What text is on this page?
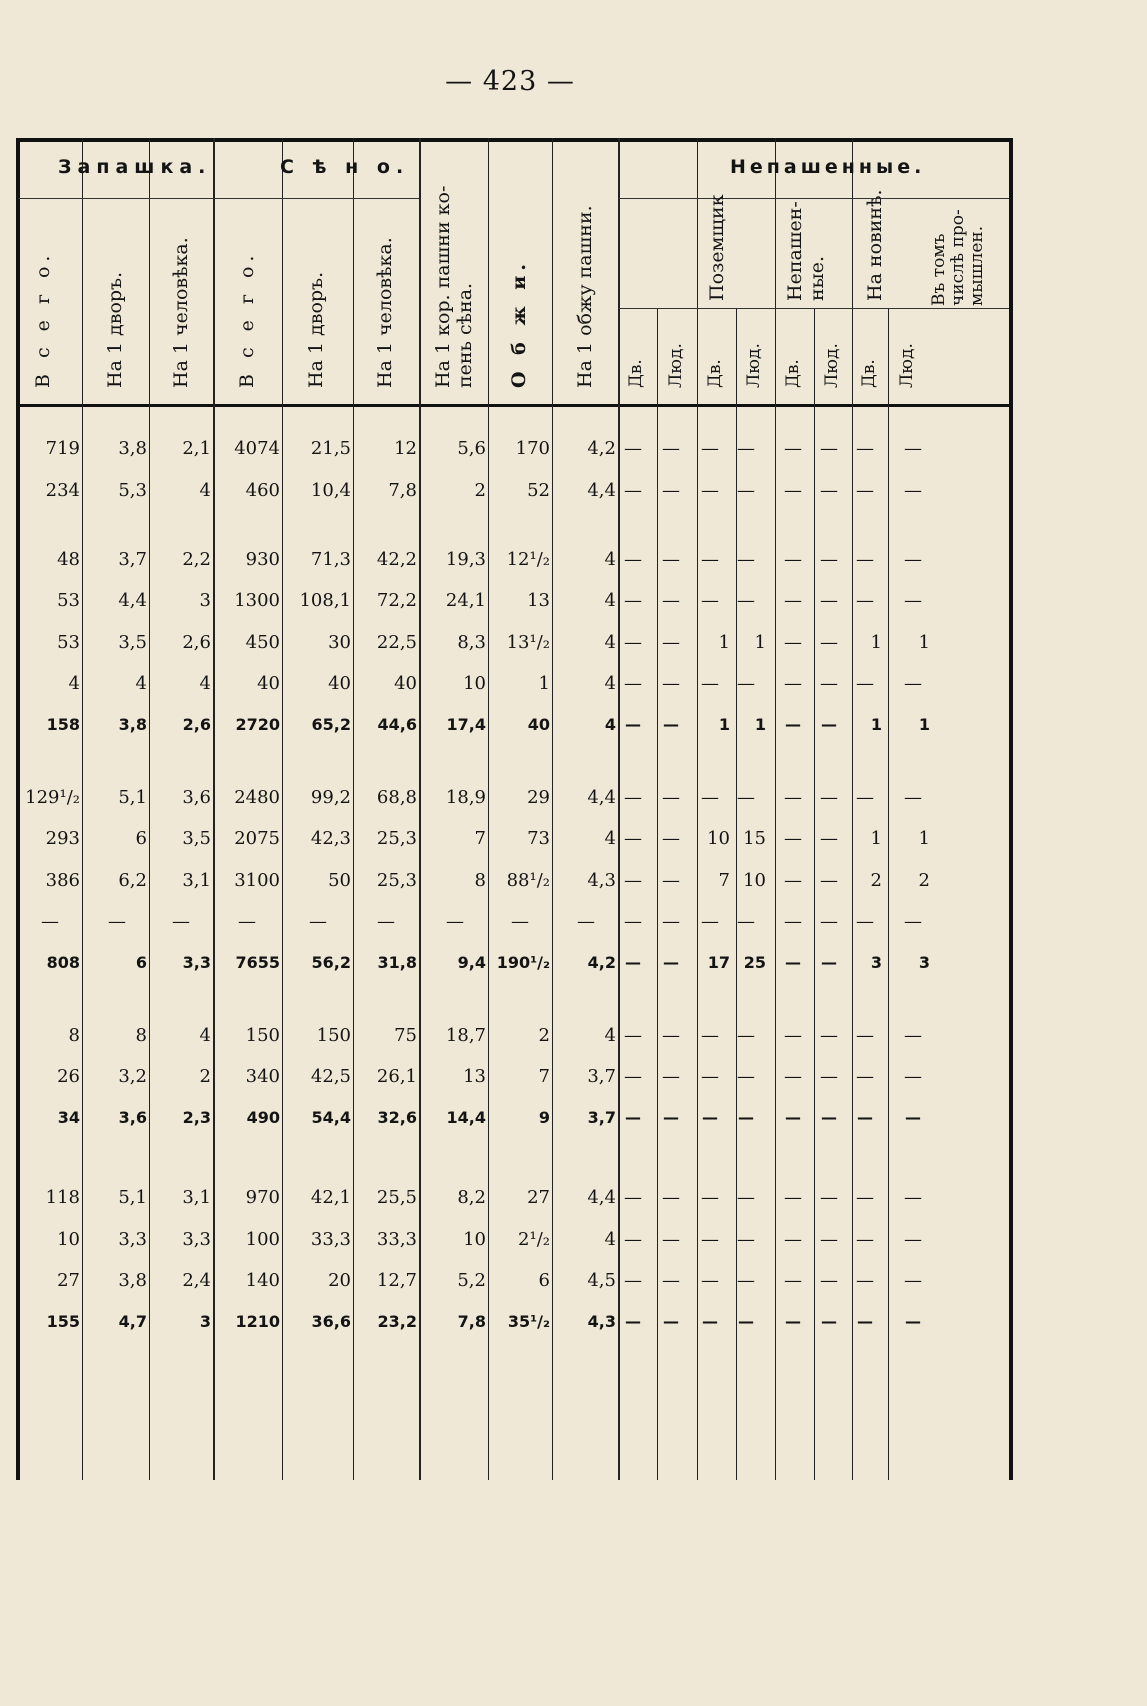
— 423 —
Запашка.	С ѣ н о.	Непашенные.
В с е г о.	На 1 дворъ. На 1 человѣка. В с е г о. На 1 дворъ. На 1 человѣка. На 1 кор. пашни ко-
пень сѣна. О б ж и. На 1 обжу пашни.	Поземщик	Непашен-
ные. На новинѣ.	Въ томъ
числѣ про-
мышлен.
Дв. Люд. Дв. Люд. Дв. Люд. Дв. Люд.
719	3,8	2,1	4074	21,5	12	5,6	170	4,2 —	—	—	—	—	—	—	—
234	5,3	4	460	10,4	7,8	2	52	4,4 —	—	—	—	—	—	—	—
48	3,7	2,2	930	71,3	42,2	19,3	12¹/₂	4 —	—	—	—	—	—	—	—
53	4,4	3	1300	108,1	72,2	24,1	13	4 —	—	—	—	—	—	—	—
53	3,5	2,6	450	30	22,5	8,3	13¹/₂	4 —	—	1	1	—	—	1	1
4	4	4	40	40	40	10	1	4 —	—	—	—	—	—	—	—
158	3,8	2,6	2720	65,2	44,6	17,4	40	4 —	—	1	1	—	—	1	1
129¹/₂	5,1	3,6	2480	99,2	68,8	18,9	29	4,4 —	—	—	—	—	—	—	—
293	6	3,5	2075	42,3	25,3	7	73	4 —	—	10 15	—	—	1	1
386	6,2	3,1	3100	50	25,3	8	88¹/₂	4,3 —	—	7 10	—	—	2	2
—	—	—	—	—	—	—	—	—	—	—	—	—	—	—	—	—
808	6	3,3	7655	56,2	31,8	9,4 190¹/₂	4,2 —	—	17 25	—	—	3	3
8	8	4	150	150	75	18,7	2	4 —	—	—	—	—	—	—	—
26	3,2	2	340	42,5	26,1	13	7	3,7 —	—	—	—	—	—	—	—
34	3,6	2,3	490	54,4	32,6	14,4	9	3,7 —	—	—	—	—	—	—	—
118	5,1	3,1	970	42,1	25,5	8,2	27	4,4 —	—	—	—	—	—	—	—
10	3,3	3,3	100	33,3	33,3	10	2¹/₂	4 —	—	—	—	—	—	—	—
27	3,8	2,4	140	20	12,7	5,2	6	4,5 —	—	—	—	—	—	—	—
155	4,7	3	1210	36,6	23,2	7,8	35¹/₂	4,3 —	—	—	—	—	—	—	—
